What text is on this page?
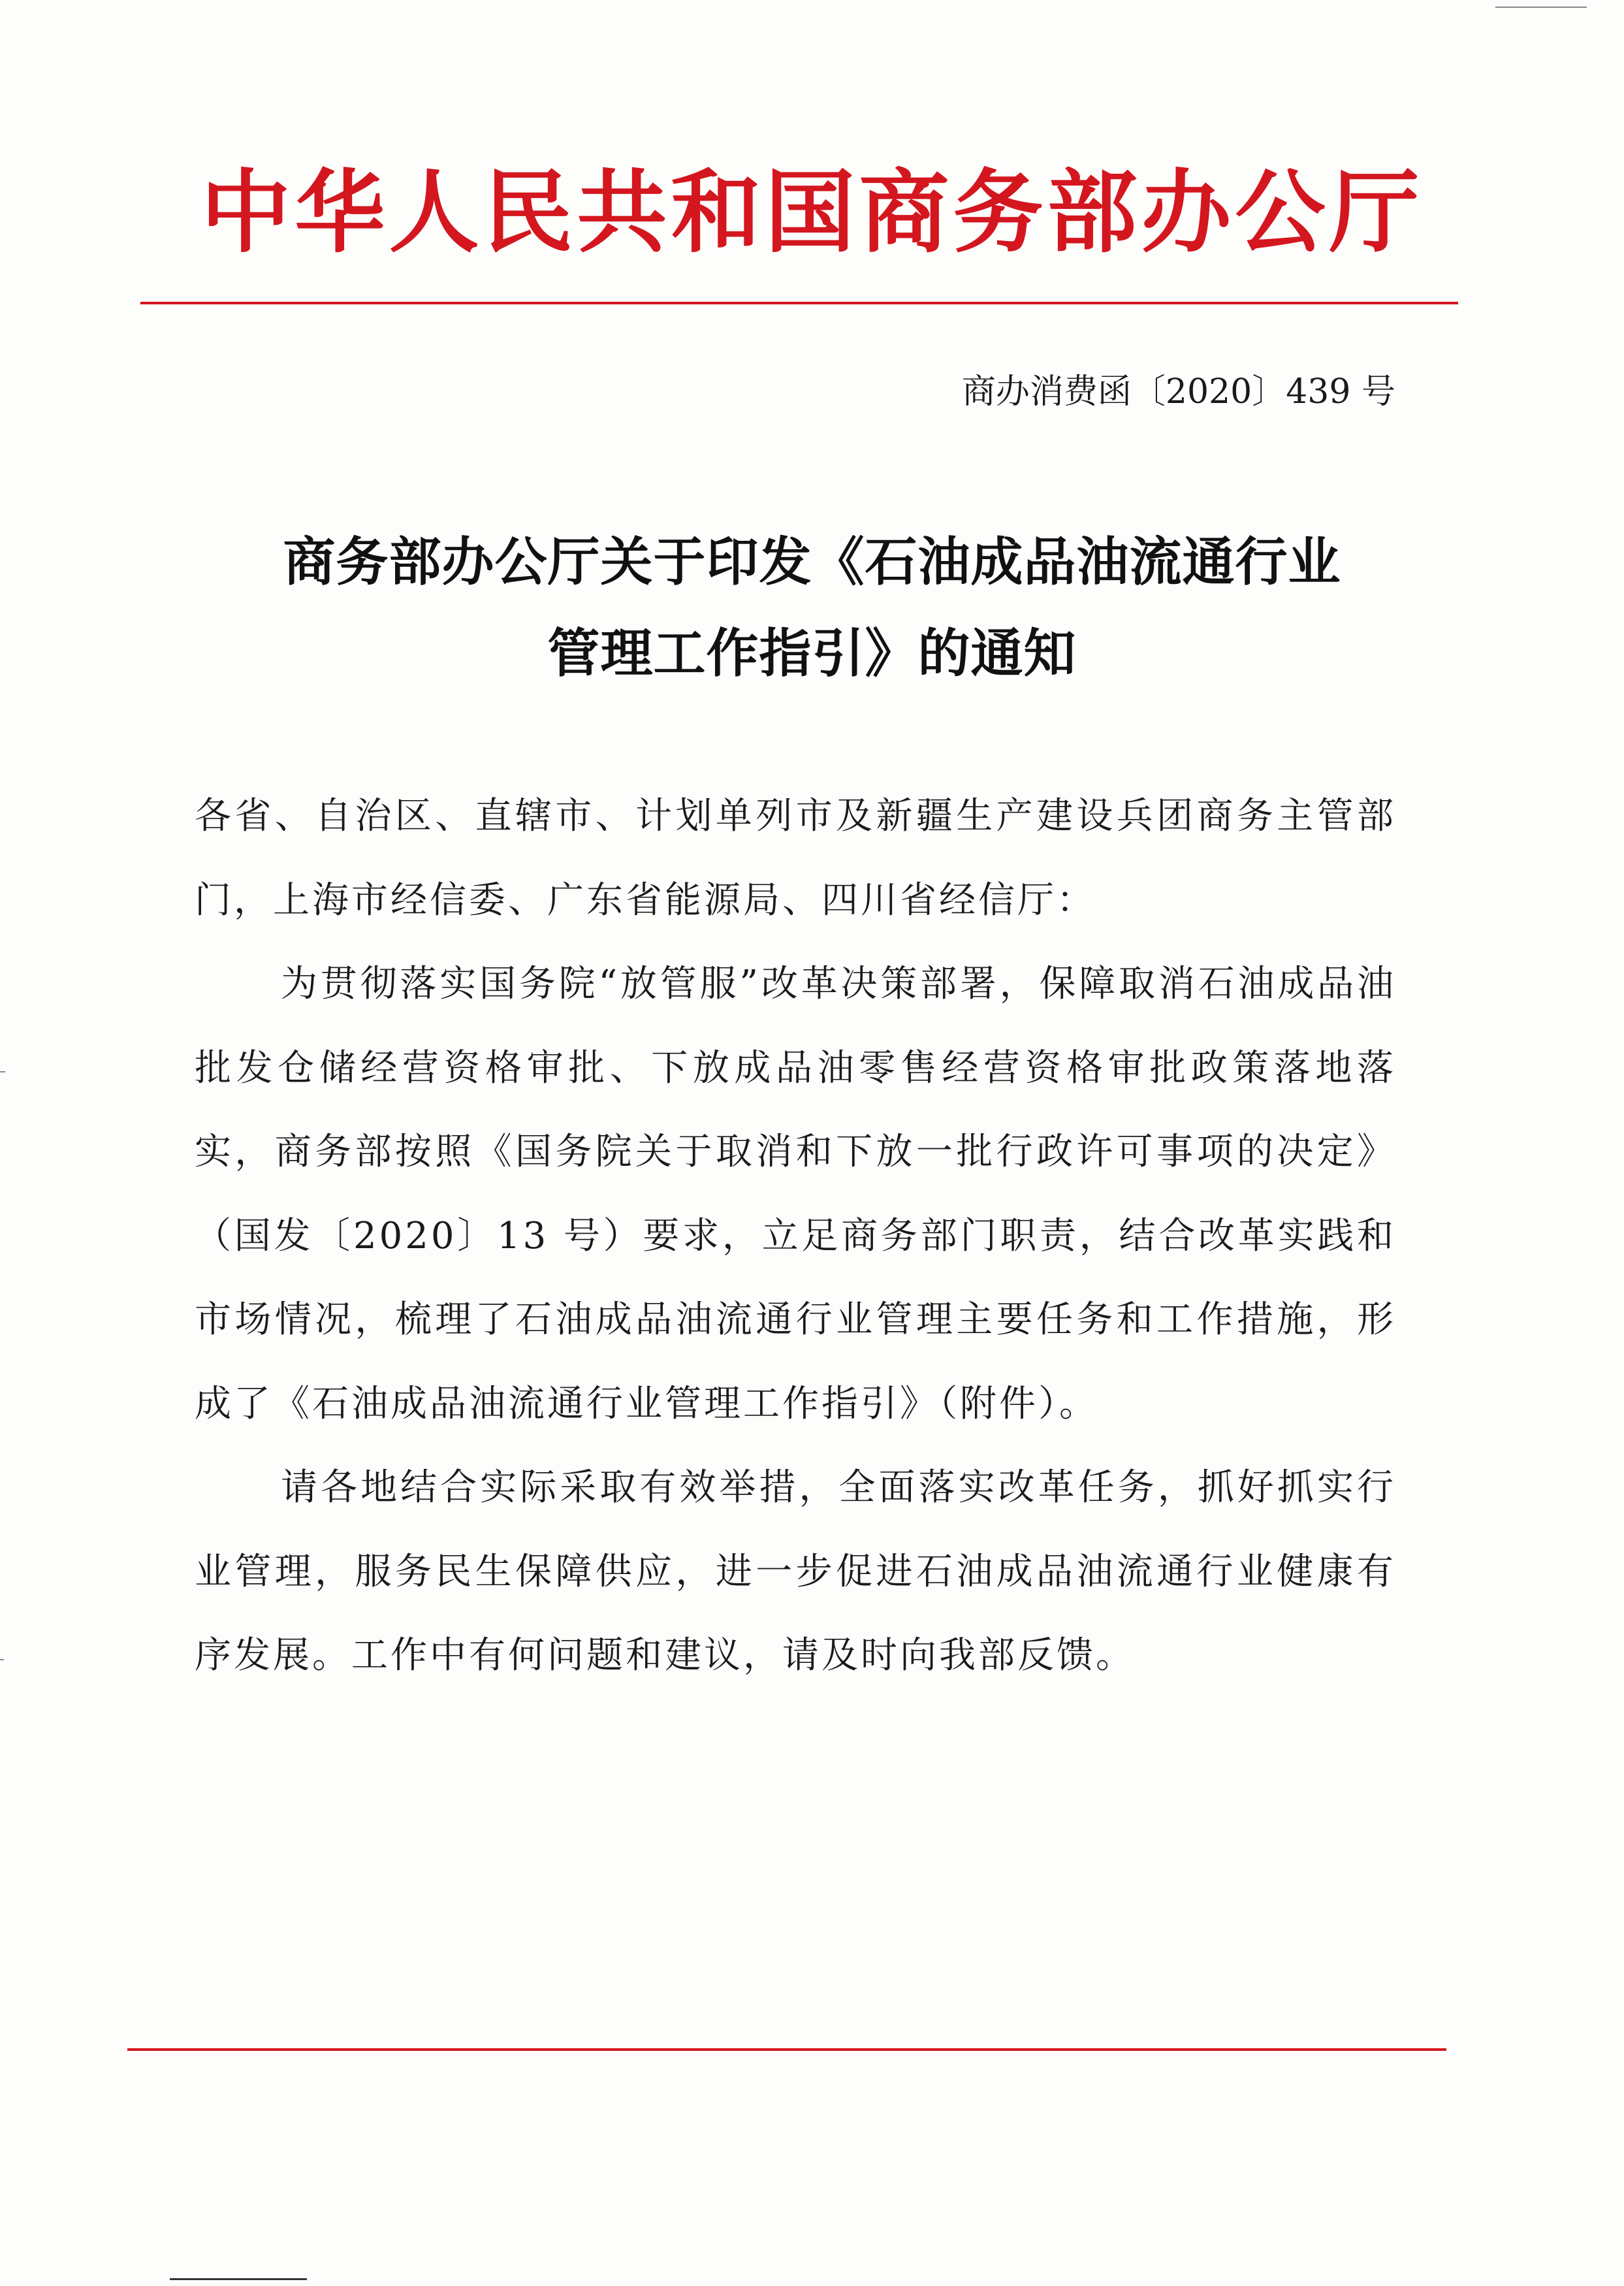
中华人民共和国商务部办公厅
商办消费函〔2020〕439 号
商务部办公厅关于印发《石油成品油流通行业
管理工作指引》的通知

各省、自治区、直辖市、计划单列市及新疆生产建设兵团商务主管部门，上海市经信委、广东省能源局、四川省经信厅：

为贯彻落实国务院“放管服”改革决策部署，保障取消石油成品油批发仓储经营资格审批、下放成品油零售经营资格审批政策落地落实，商务部按照《国务院关于取消和下放一批行政许可事项的决定》（国发〔2020〕13 号）要求，立足商务部门职责，结合改革实践和市场情况，梳理了石油成品油流通行业管理主要任务和工作措施，形成了《石油成品油流通行业管理工作指引》（附件）。

请各地结合实际采取有效举措，全面落实改革任务，抓好抓实行业管理，服务民生保障供应，进一步促进石油成品油流通行业健康有序发展。工作中有何问题和建议，请及时向我部反馈。
